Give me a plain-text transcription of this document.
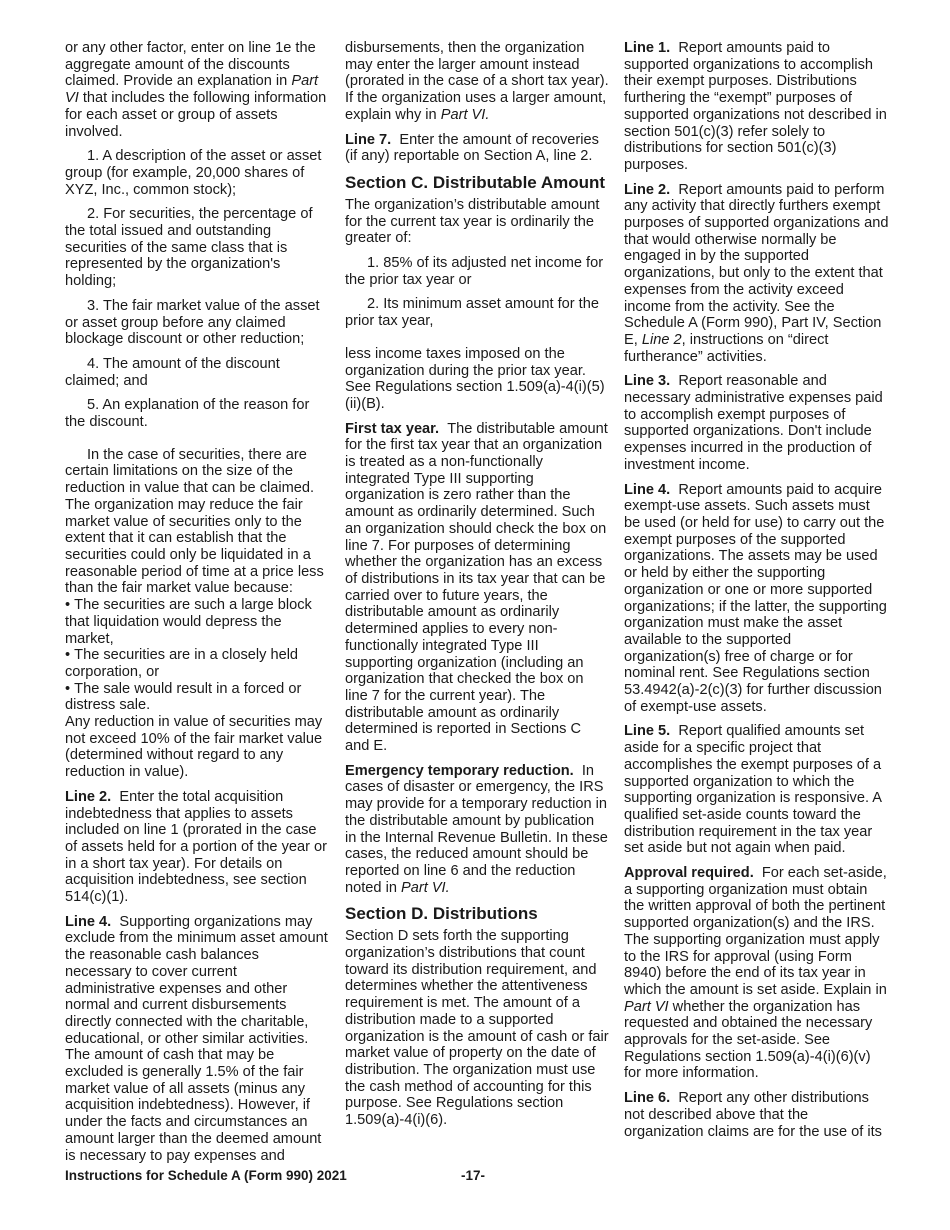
or any other factor, enter on line 1e the aggregate amount of the discounts claimed. Provide an explanation in Part VI that includes the following information for each asset or group of assets involved.

1. A description of the asset or asset group (for example, 20,000 shares of XYZ, Inc., common stock);

2. For securities, the percentage of the total issued and outstanding securities of the same class that is represented by the organization's holding;

3. The fair market value of the asset or asset group before any claimed blockage discount or other reduction;

4. The amount of the discount claimed; and

5. An explanation of the reason for the discount.

In the case of securities, there are certain limitations on the size of the reduction in value that can be claimed. The organization may reduce the fair market value of securities only to the extent that it can establish that the securities could only be liquidated in a reasonable period of time at a price less than the fair market value because:

• The securities are such a large block that liquidation would depress the market,

• The securities are in a closely held corporation, or

• The sale would result in a forced or distress sale.

Any reduction in value of securities may not exceed 10% of the fair market value (determined without regard to any reduction in value).

Line 2. Enter the total acquisition indebtedness that applies to assets included on line 1 (prorated in the case of assets held for a portion of the year or in a short tax year). For details on acquisition indebtedness, see section 514(c)(1).

Line 4. Supporting organizations may exclude from the minimum asset amount the reasonable cash balances necessary to cover current administrative expenses and other normal and current disbursements directly connected with the charitable, educational, or other similar activities. The amount of cash that may be excluded is generally 1.5% of the fair market value of all assets (minus any acquisition indebtedness). However, if under the facts and circumstances an amount larger than the deemed amount is necessary to pay expenses and

disbursements, then the organization may enter the larger amount instead (prorated in the case of a short tax year). If the organization uses a larger amount, explain why in Part VI.

Line 7. Enter the amount of recoveries (if any) reportable on Section A, line 2.

Section C. Distributable Amount

The organization’s distributable amount for the current tax year is ordinarily the greater of:

1. 85% of its adjusted net income for the prior tax year or

2. Its minimum asset amount for the prior tax year,

less income taxes imposed on the organization during the prior tax year. See Regulations section 1.509(a)-4(i)(5)(ii)(B).

First tax year. The distributable amount for the first tax year that an organization is treated as a non-functionally integrated Type III supporting organization is zero rather than the amount as ordinarily determined. Such an organization should check the box on line 7. For purposes of determining whether the organization has an excess of distributions in its tax year that can be carried over to future years, the distributable amount as ordinarily determined applies to every non-functionally integrated Type III supporting organization (including an organization that checked the box on line 7 for the current year). The distributable amount as ordinarily determined is reported in Sections C and E.

Emergency temporary reduction. In cases of disaster or emergency, the IRS may provide for a temporary reduction in the distributable amount by publication in the Internal Revenue Bulletin. In these cases, the reduced amount should be reported on line 6 and the reduction noted in Part VI.

Section D. Distributions

Section D sets forth the supporting organization’s distributions that count toward its distribution requirement, and determines whether the attentiveness requirement is met. The amount of a distribution made to a supported organization is the amount of cash or fair market value of property on the date of distribution. The organization must use the cash method of accounting for this purpose. See Regulations section 1.509(a)-4(i)(6).

Line 1. Report amounts paid to supported organizations to accomplish their exempt purposes. Distributions furthering the “exempt” purposes of supported organizations not described in section 501(c)(3) refer solely to distributions for section 501(c)(3) purposes.

Line 2. Report amounts paid to perform any activity that directly furthers exempt purposes of supported organizations and that would otherwise normally be engaged in by the supported organizations, but only to the extent that expenses from the activity exceed income from the activity. See the Schedule A (Form 990), Part IV, Section E, Line 2, instructions on “direct furtherance” activities.

Line 3. Report reasonable and necessary administrative expenses paid to accomplish exempt purposes of supported organizations. Don't include expenses incurred in the production of investment income.

Line 4. Report amounts paid to acquire exempt-use assets. Such assets must be used (or held for use) to carry out the exempt purposes of the supported organizations. The assets may be used or held by either the supporting organization or one or more supported organizations; if the latter, the supporting organization must make the asset available to the supported organization(s) free of charge or for nominal rent. See Regulations section 53.4942(a)-2(c)(3) for further discussion of exempt-use assets.

Line 5. Report qualified amounts set aside for a specific project that accomplishes the exempt purposes of a supported organization to which the supporting organization is responsive. A qualified set-aside counts toward the distribution requirement in the tax year set aside but not again when paid.

Approval required. For each set-aside, a supporting organization must obtain the written approval of both the pertinent supported organization(s) and the IRS. The supporting organization must apply to the IRS for approval (using Form 8940) before the end of its tax year in which the amount is set aside. Explain in Part VI whether the organization has requested and obtained the necessary approvals for the set-aside. See Regulations section 1.509(a)-4(i)(6)(v) for more information.

Line 6. Report any other distributions not described above that the organization claims are for the use of its

Instructions for Schedule A (Form 990) 2021	-17-
